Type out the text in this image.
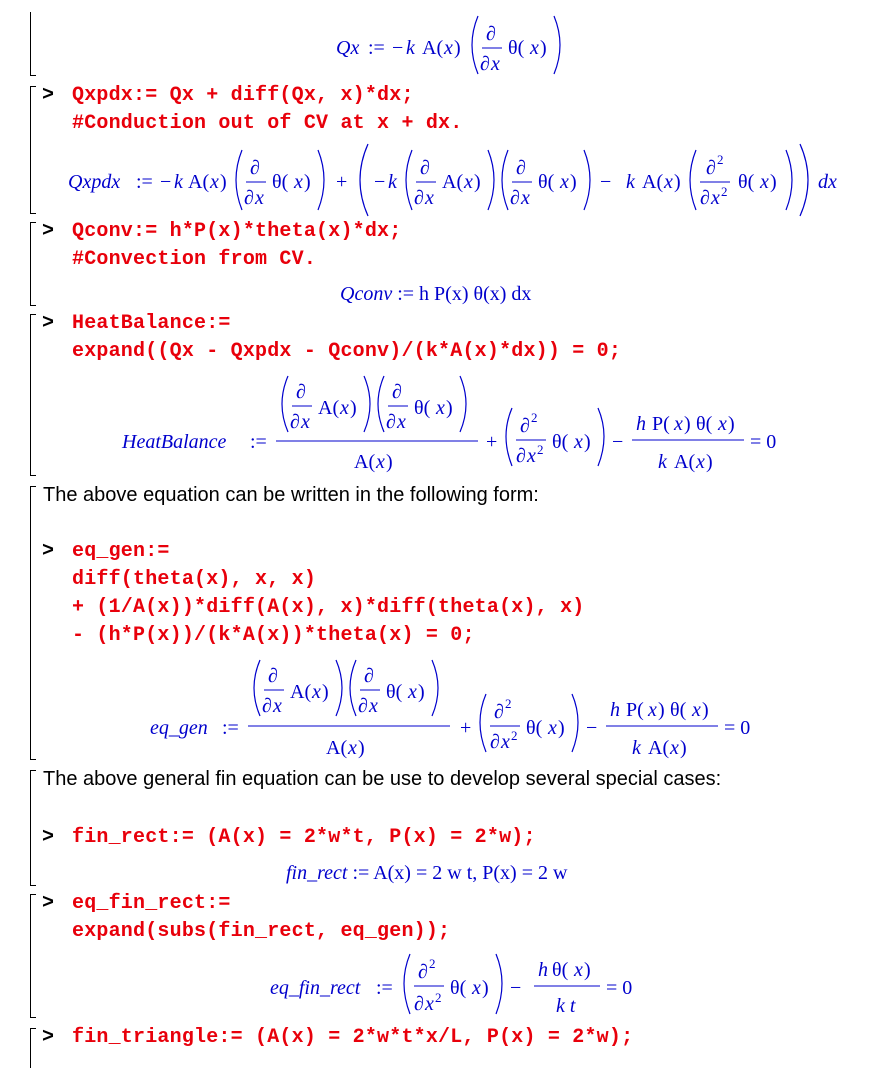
Qx := − k A( x )
∂
∂ x
θ( x )
> Qxpdx:= Qx + diff(Qx, x)*dx;
#Conduction out of CV at x + dx.
Qxpdx := − k A( x )
∂
∂ x
θ( x ) + − k
∂
∂ x
A( x )
∂
∂ x
θ( x ) − k A( x )
∂ 2
∂ x 2 θ( x ) dx
> Qconv:= h*P(x)*theta(x)*dx;
#Convection from CV.
Qconv := h P(x) θ(x) dx
> HeatBalance:=
expand((Qx - Qxpdx - Qconv)/(k*A(x)*dx)) = 0;
HeatBalance :=
∂
∂ x
A( x )
∂
∂ x
θ( x )
A( x )
+
∂ 2
∂ x 2 θ( x ) −
h P( x ) θ( x )
k A( x )
= 0
The above equation can be written in the following form:
> eq_gen:=
diff(theta(x), x, x)
+ (1/A(x))*diff(A(x), x)*diff(theta(x), x)
- (h*P(x))/(k*A(x))*theta(x) = 0;
eq_gen :=
∂
∂ x
A( x )
∂
∂ x
θ( x )
A( x )
+
∂ 2
∂ x 2 θ( x ) −
h P( x ) θ( x )
k A( x )
= 0
The above general fin equation can be use to develop several special cases:
> fin_rect:= (A(x) = 2*w*t, P(x) = 2*w);
fin_rect := A(x) = 2 w t, P(x) = 2 w
> eq_fin_rect:=
expand(subs(fin_rect, eq_gen));
eq_fin_rect :=
∂ 2
∂ x 2 θ( x ) −
h θ( x )
k t
= 0
> fin_triangle:= (A(x) = 2*w*t*x/L, P(x) = 2*w);
